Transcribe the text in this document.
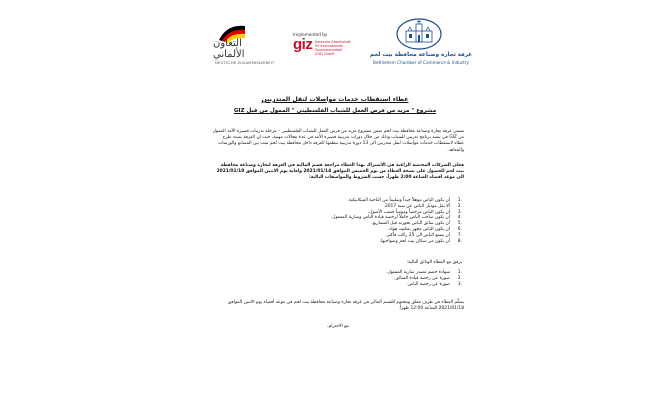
التعاون الألماني
DEUTSCHE ZUSAMMENARBEIT
Implemented by
giz Deutsche Gesellschaft für Internationale Zusammenarbeit (GIZ) GmbH	غرفة تجارة وصناعة محافظة بيت لحم
Bethlehem Chamber of Commerce & Industry
عطاء استقطاب خدمات مواصلات لنقل المتدربين
مشروع " مزيد من فرص العمل للشباب الفلسطيني " الممول من قبل GIZ
تسعى غرفة تجارة وصناعة محافظة بيت لحم ضمن مشروع مزيد من فرص العمل للشباب الفلسطيني – مرحلة تدريبات قصيرة الأمد الممول من GIZ في تنفيذ برنامج تدريبي للشباب وذلك من خلال دورات تدريبية قصيرة الأمد في عدة مجالات مهنية، حيث إن الغرفة بصدد طرح عطاء لاستقطاب خدمات مواصلات لنقل متدربين الى 13 دورة تدريبية تنظمها الغرفة داخل محافظة بيت لحم تمت بين المصانع والورشات والمعاهد.
فعلى الشركات المختصة الراغبة في الاشتراك بهذا العطاء مراجعة قسم المالية في الغرفة لتجارة وصناعة محافظة بيت لحم للحصول على نسخة العطاء من يوم الخميس الموافق 2021/01/14 ولغاية يوم الاثنين الموافق 2021/01/18 الى موعد اقصاه الساعة 2:00 ظهراً، حسب الشروط والمواصفات التالية:
.1
أن يكون الباص مؤهلاً جيداً وسليماً من الناحية الميكانيكية.
.2
ألا يقل موديل الباص عن سنة 2017.
.3
أن يكون الباص مرخصاً ومؤمناً حسب الأصول.
.4
أن يكون صاحب الباص حاملاً لرخصة قيادة الباص وسارية المفعول.
.5
أن يكون سائق الباص بحوزته قبل المشاريع.
.6
أن يكون الباص مجهز بمكيف هواء.
.7
أن يتسع الباص الى 25 راكب فأكثر.
.8
أن يكون من سكان بيت لحم وضواحيها.
يرفق مع العطاء الوثائق التالية:
.1
شهادة خصم مصدر سارية المفعول.
.2
صورة عن رخصة قيادة السائق.
.3
صورة عن رخصة الباص.
يسلّم العطاء في ظرف مغلق ومختوم للقسم المالي في غرفة تجارة وصناعة محافظة بيت لحم في موعد أقصاه يوم الاثنين الموافق 2021/01/18 الساعة 12:00 ظهراً.
مع الاحترام،
